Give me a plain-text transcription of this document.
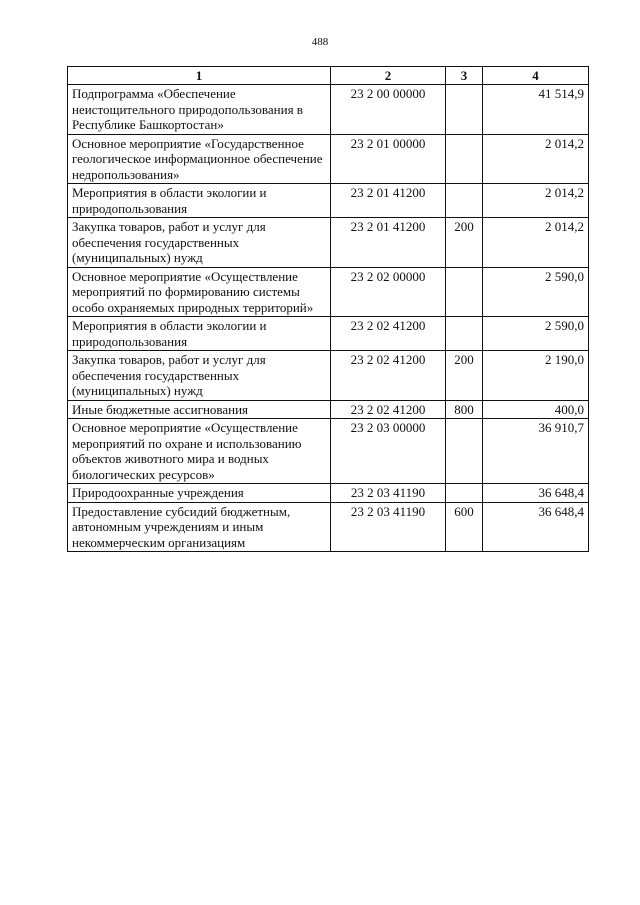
488
1	2	3	4
Подпрограмма «Обеспечение неистощительного природопользования в Республике Башкортостан»	23 2 00 00000		41 514,9
Основное мероприятие «Государственное геологическое информационное обеспечение недропользования»	23 2 01 00000		2 014,2
Мероприятия в области экологии и природопользования	23 2 01 41200		2 014,2
Закупка товаров, работ и услуг для обеспечения государственных (муниципальных) нужд	23 2 01 41200	200	2 014,2
Основное мероприятие «Осуществление мероприятий по формированию системы особо охраняемых природных территорий»	23 2 02 00000		2 590,0
Мероприятия в области экологии и природопользования	23 2 02 41200		2 590,0
Закупка товаров, работ и услуг для обеспечения государственных (муниципальных) нужд	23 2 02 41200	200	2 190,0
Иные бюджетные ассигнования	23 2 02 41200	800	400,0
Основное мероприятие «Осуществление мероприятий по охране и использованию объектов животного мира и водных биологических ресурсов»	23 2 03 00000		36 910,7
Природоохранные учреждения	23 2 03 41190		36 648,4
Предоставление субсидий бюджетным, автономным учреждениям и иным некоммерческим организациям	23 2 03 41190	600	36 648,4
